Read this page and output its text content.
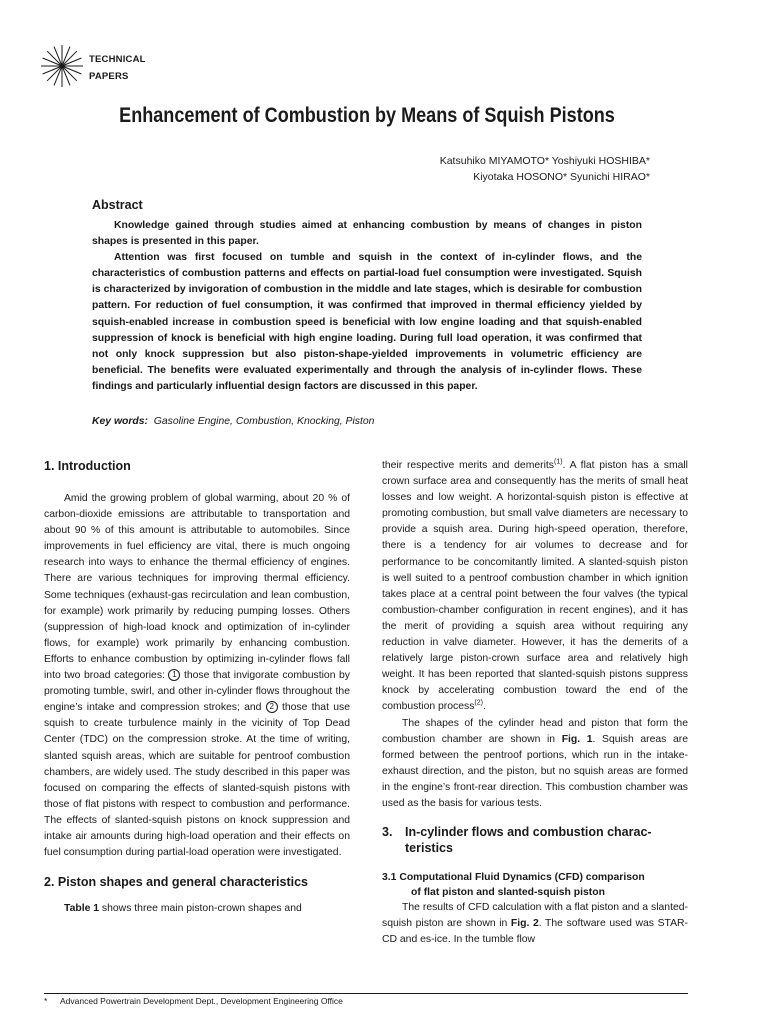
TECHNICAL
PAPERS
Enhancement of Combustion by Means of Squish Pistons
Katsuhiko MIYAMOTO* Yoshiyuki HOSHIBA*
Kiyotaka HOSONO* Syunichi HIRAO*
Abstract

Knowledge gained through studies aimed at enhancing combustion by means of changes in piston shapes is presented in this paper.

Attention was first focused on tumble and squish in the context of in-cylinder flows, and the characteristics of combustion patterns and effects on partial-load fuel consumption were investigated. Squish is characterized by invigoration of combustion in the middle and late stages, which is desirable for combustion pattern. For reduction of fuel consumption, it was confirmed that improved in thermal efficiency yielded by squish-enabled increase in combustion speed is beneficial with low engine loading and that squish-enabled suppression of knock is beneficial with high engine loading. During full load operation, it was confirmed that not only knock suppression but also piston-shape-yielded improvements in volumetric efficiency are beneficial. The benefits were evaluated experimentally and through the analysis of in-cylinder flows. These findings and particularly influential design factors are discussed in this paper.

Key words: Gasoline Engine, Combustion, Knocking, Piston
1. Introduction

Amid the growing problem of global warming, about 20 % of carbon-dioxide emissions are attributable to transportation and about 90 % of this amount is attributable to automobiles. Since improvements in fuel efficiency are vital, there is much ongoing research into ways to enhance the thermal efficiency of engines. There are various techniques for improving thermal efficiency. Some techniques (exhaust-gas recirculation and lean combustion, for example) work primarily by reducing pumping losses. Others (suppression of high-load knock and optimization of in-cylinder flows, for example) work primarily by enhancing combustion. Efforts to enhance combustion by optimizing in-cylinder flows fall into two broad categories: 1 those that invigorate combustion by promoting tumble, swirl, and other in-cylinder flows throughout the engine’s intake and compression strokes; and 2 those that use squish to create turbulence mainly in the vicinity of Top Dead Center (TDC) on the compression stroke. At the time of writing, slanted squish areas, which are suitable for pentroof combustion chambers, are widely used. The study described in this paper was focused on comparing the effects of slanted-squish pistons with those of flat pistons with respect to combustion and performance. The effects of slanted-squish pistons on knock suppression and intake air amounts during high-load operation and their effects on fuel consumption during partial-load operation were investigated.

2. Piston shapes and general characteristics

Table 1 shows three main piston-crown shapes and

their respective merits and demerits$^{(1)}$. A flat piston has a small crown surface area and consequently has the merits of small heat losses and low weight. A horizontal-squish piston is effective at promoting combustion, but small valve diameters are necessary to provide a squish area. During high-speed operation, therefore, there is a tendency for air volumes to decrease and for performance to be concomitantly limited. A slanted-squish piston is well suited to a pentroof combustion chamber in which ignition takes place at a central point between the four valves (the typical combustion-chamber configuration in recent engines), and it has the merit of providing a squish area without requiring any reduction in valve diameter. However, it has the demerits of a relatively large piston-crown surface area and relatively high weight. It has been reported that slanted-squish pistons suppress knock by accelerating combustion toward the end of the combustion process$^{(2)}$.

The shapes of the cylinder head and piston that form the combustion chamber are shown in Fig. 1. Squish areas are formed between the pentroof portions, which run in the intake-exhaust direction, and the piston, but no squish areas are formed in the engine’s front-rear direction. This combustion chamber was used as the basis for various tests.

3.	In-cylinder flows and combustion charac-
teristics
3.1 Computational Fluid Dynamics (CFD) comparison
of flat piston and slanted-squish piston

The results of CFD calculation with a flat piston and a slanted-squish piston are shown in Fig. 2. The software used was STAR-CD and es-ice. In the tumble flow

* Advanced Powertrain Development Dept., Development Engineering Office
